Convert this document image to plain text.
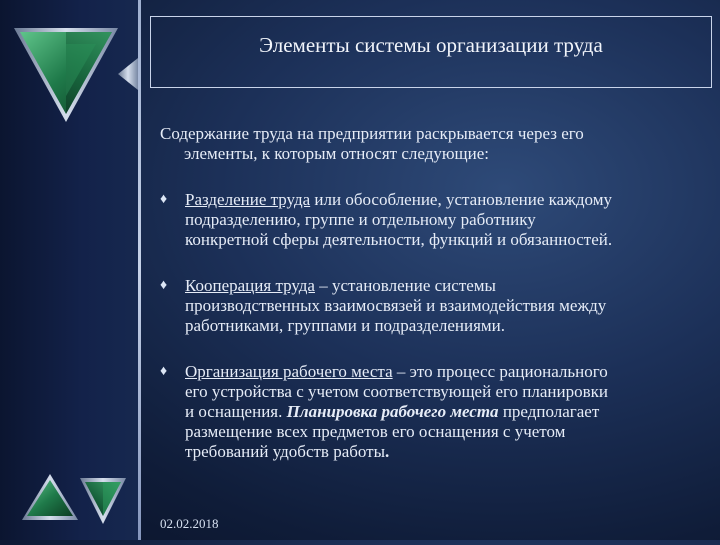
Элементы системы организации труда
Содержание труда на предприятии раскрывается через его
элементы, к которым относят следующие:
♦	Разделение труда или обособление, установление каждому
подразделению, группе и отдельному работнику
конкретной сферы деятельности, функций и обязанностей.
♦	Кооперация труда – установление системы
производственных взаимосвязей и взаимодействия между
работниками, группами и подразделениями.
♦	Организация рабочего места – это процесс рационального
его устройства с учетом соответствующей его планировки
и оснащения. Планировка рабочего места предполагает
размещение всех предметов его оснащения с учетом
требований удобств работы.
02.02.2018
